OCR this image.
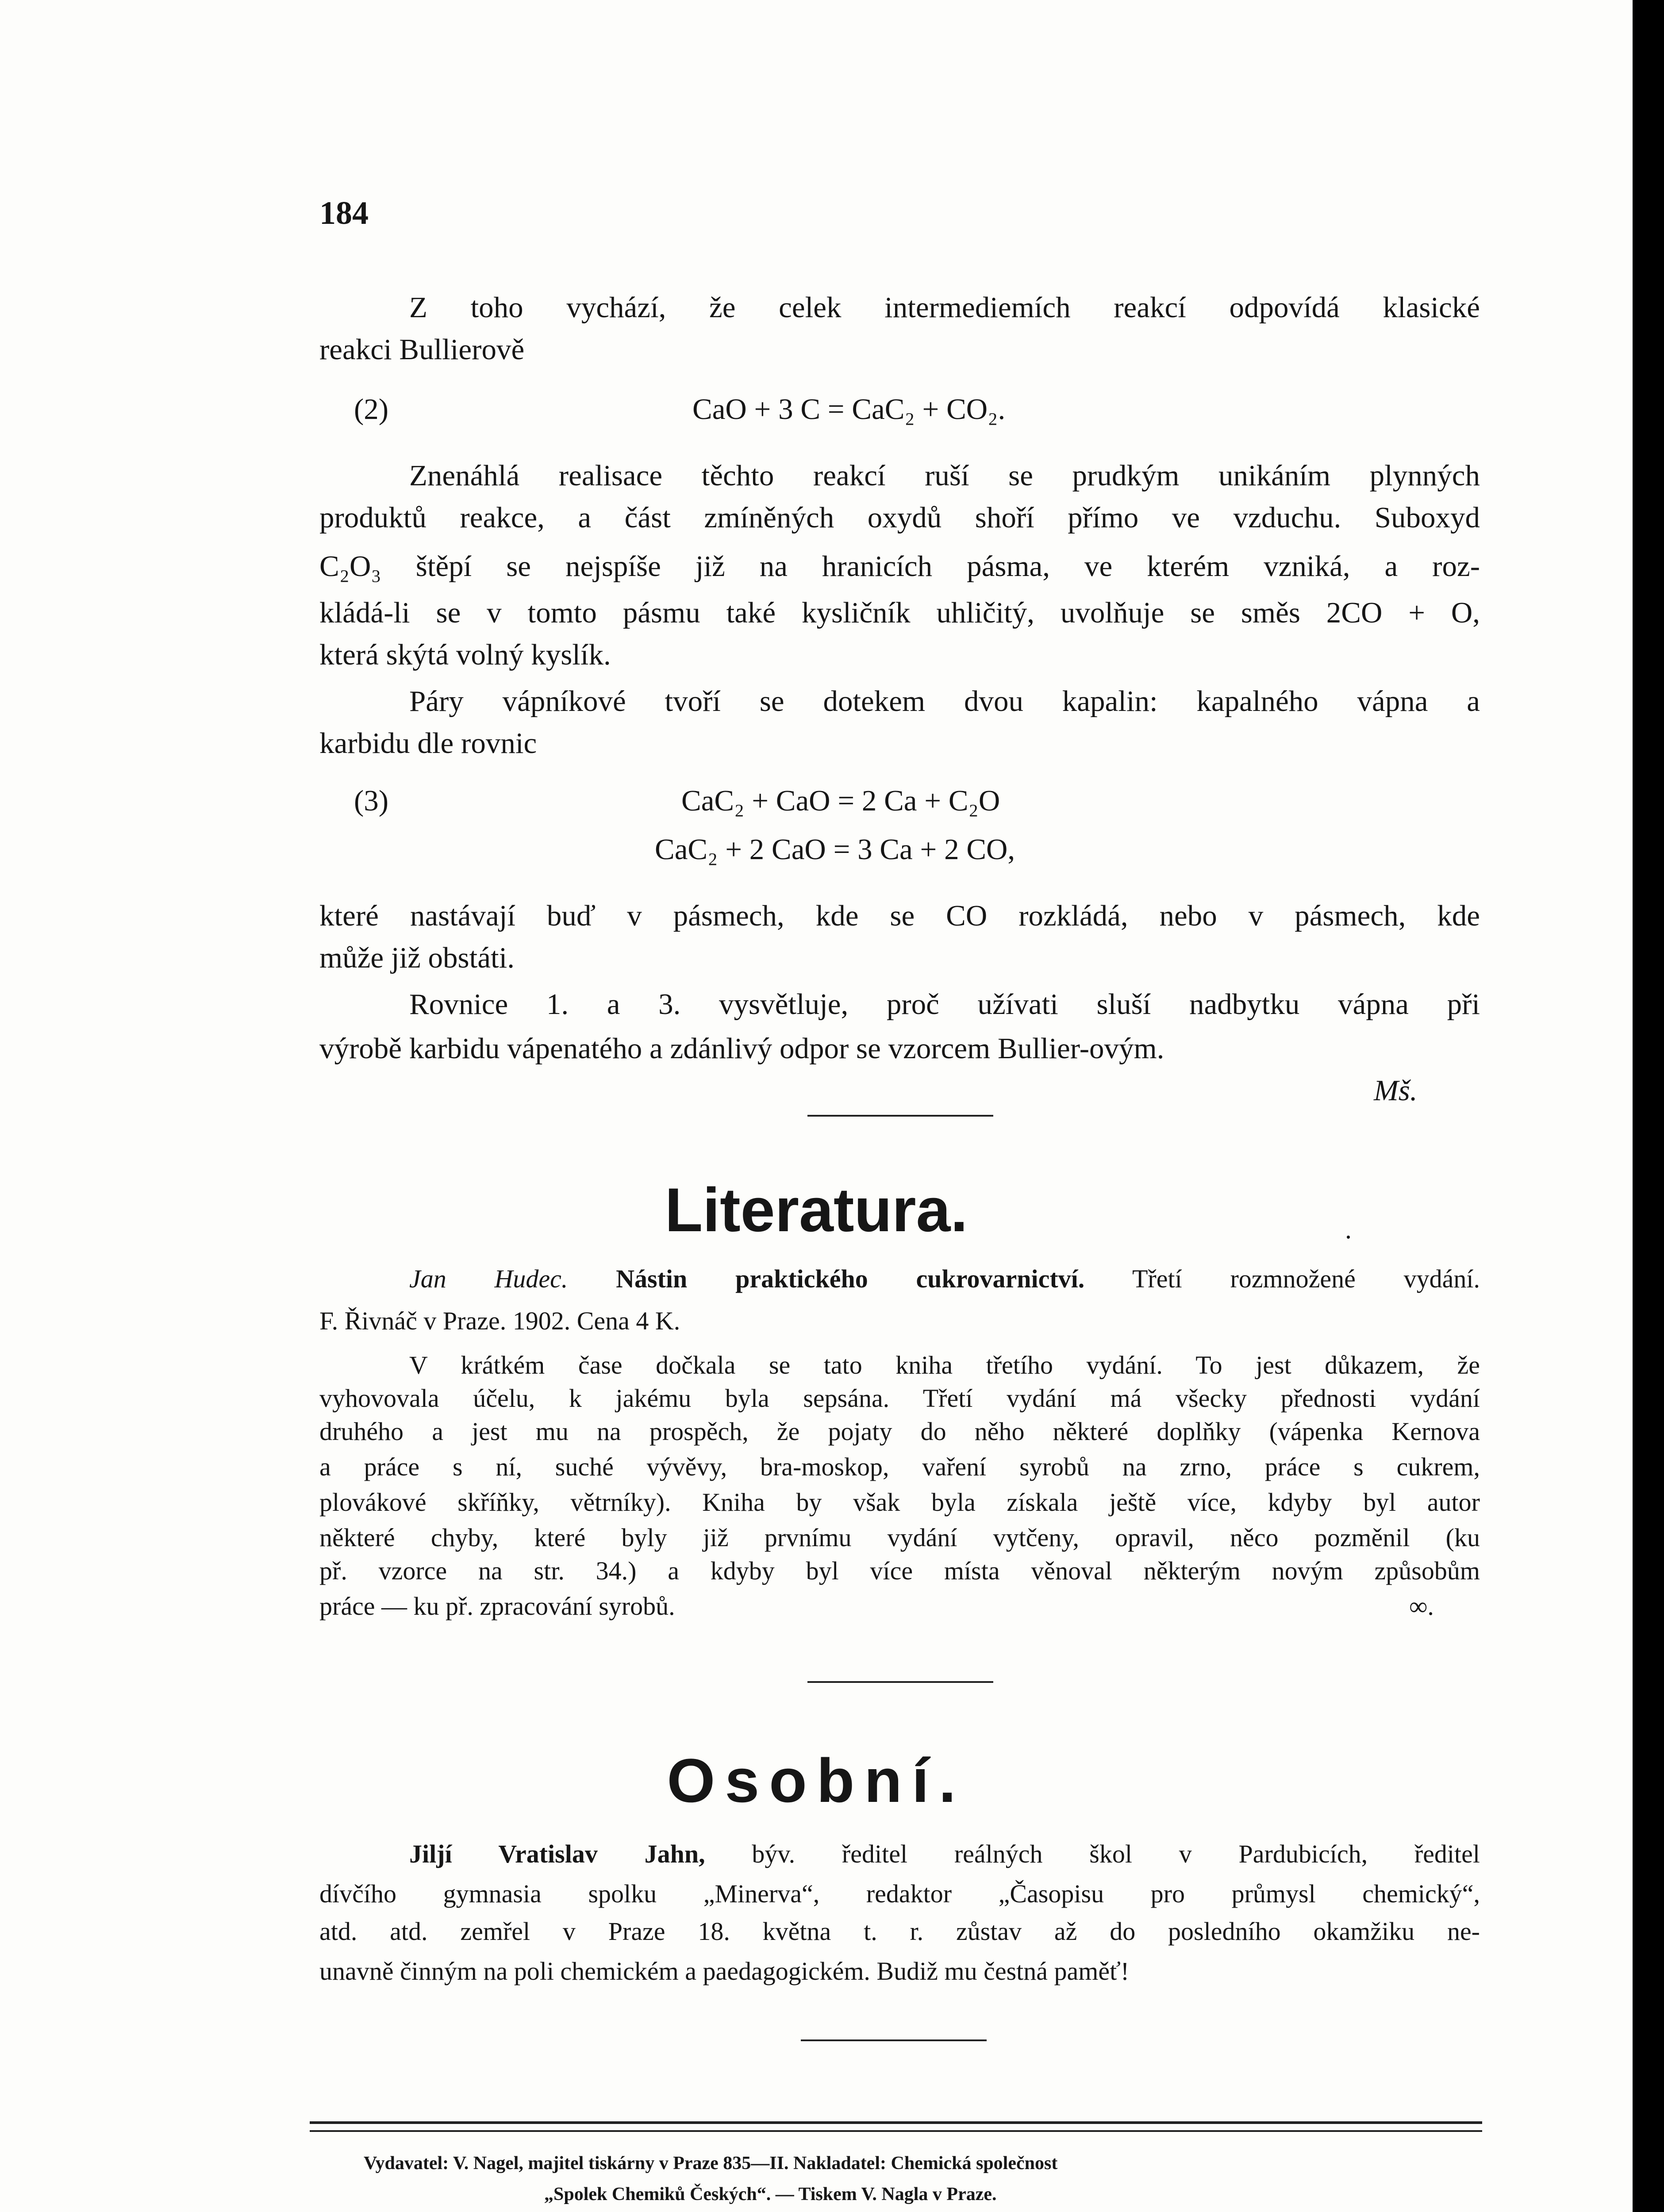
184
Z toho vychází, že celek intermediemích reakcí odpovídá klasické
reakci Bullierově
(2)	CaO + 3 C = CaC₂ + CO₂.
Znenáhlá realisace těchto reakcí ruší se prudkým unikáním plynných
produktů reakce, a část zmíněných oxydů shoří přímo ve vzduchu. Suboxyd
C₂O₃ štěpí se nejspíše již na hranicích pásma, ve kterém vzniká, a roz-
kládá-li se v tomto pásmu také kysličník uhličitý, uvolňuje se směs 2CO + O,
která skýtá volný kyslík.
Páry vápníkové tvoří se dotekem dvou kapalin: kapalného vápna a
karbidu dle rovnic
(3)	CaC₂ + CaO = 2 Ca + C₂O
CaC₂ + 2 CaO = 3 Ca + 2 CO,
které nastávají buď v pásmech, kde se CO rozkládá, nebo v pásmech, kde
může již obstáti.
Rovnice 1. a 3. vysvětluje, proč užívati sluší nadbytku vápna při
výrobě karbidu vápenatého a zdánlivý odpor se vzorcem Bullier-ovým.
Mš.
Literatura.	.
Jan Hudec. Nástin praktického cukrovarnictví. Třetí rozmnožené vydání.
F. Řivnáč v Praze. 1902. Cena 4 K.
V krátkém čase dočkala se tato kniha třetího vydání. To jest důkazem, že
vyhovovala účelu, k jakému byla sepsána. Třetí vydání má všecky přednosti vydání
druhého a jest mu na prospěch, že pojaty do něho některé doplňky (vápenka Kernova
a práce s ní, suché vývěvy, bra-moskop, vaření syrobů na zrno, práce s cukrem,
plovákové skříňky, větrníky). Kniha by však byla získala ještě více, kdyby byl autor
některé chyby, které byly již prvnímu vydání vytčeny, opravil, něco pozměnil (ku
př. vzorce na str. 34.) a kdyby byl více místa věnoval některým novým způsobům
práce — ku př. zpracování syrobů.	∞.
Osobní.
Jiljí Vratislav Jahn, býv. ředitel reálných škol v Pardubicích, ředitel
dívčího gymnasia spolku „Minerva“, redaktor „Časopisu pro průmysl chemický“,
atd. atd. zemřel v Praze 18. května t. r. zůstav až do posledního okamžiku ne-
unavně činným na poli chemickém a paedagogickém. Budiž mu čestná paměť!
Vydavatel: V. Nagel, majitel tiskárny v Praze 835—II. Nakladatel: Chemická společnost
„Spolek Chemiků Českých“. — Tiskem V. Nagla v Praze.
